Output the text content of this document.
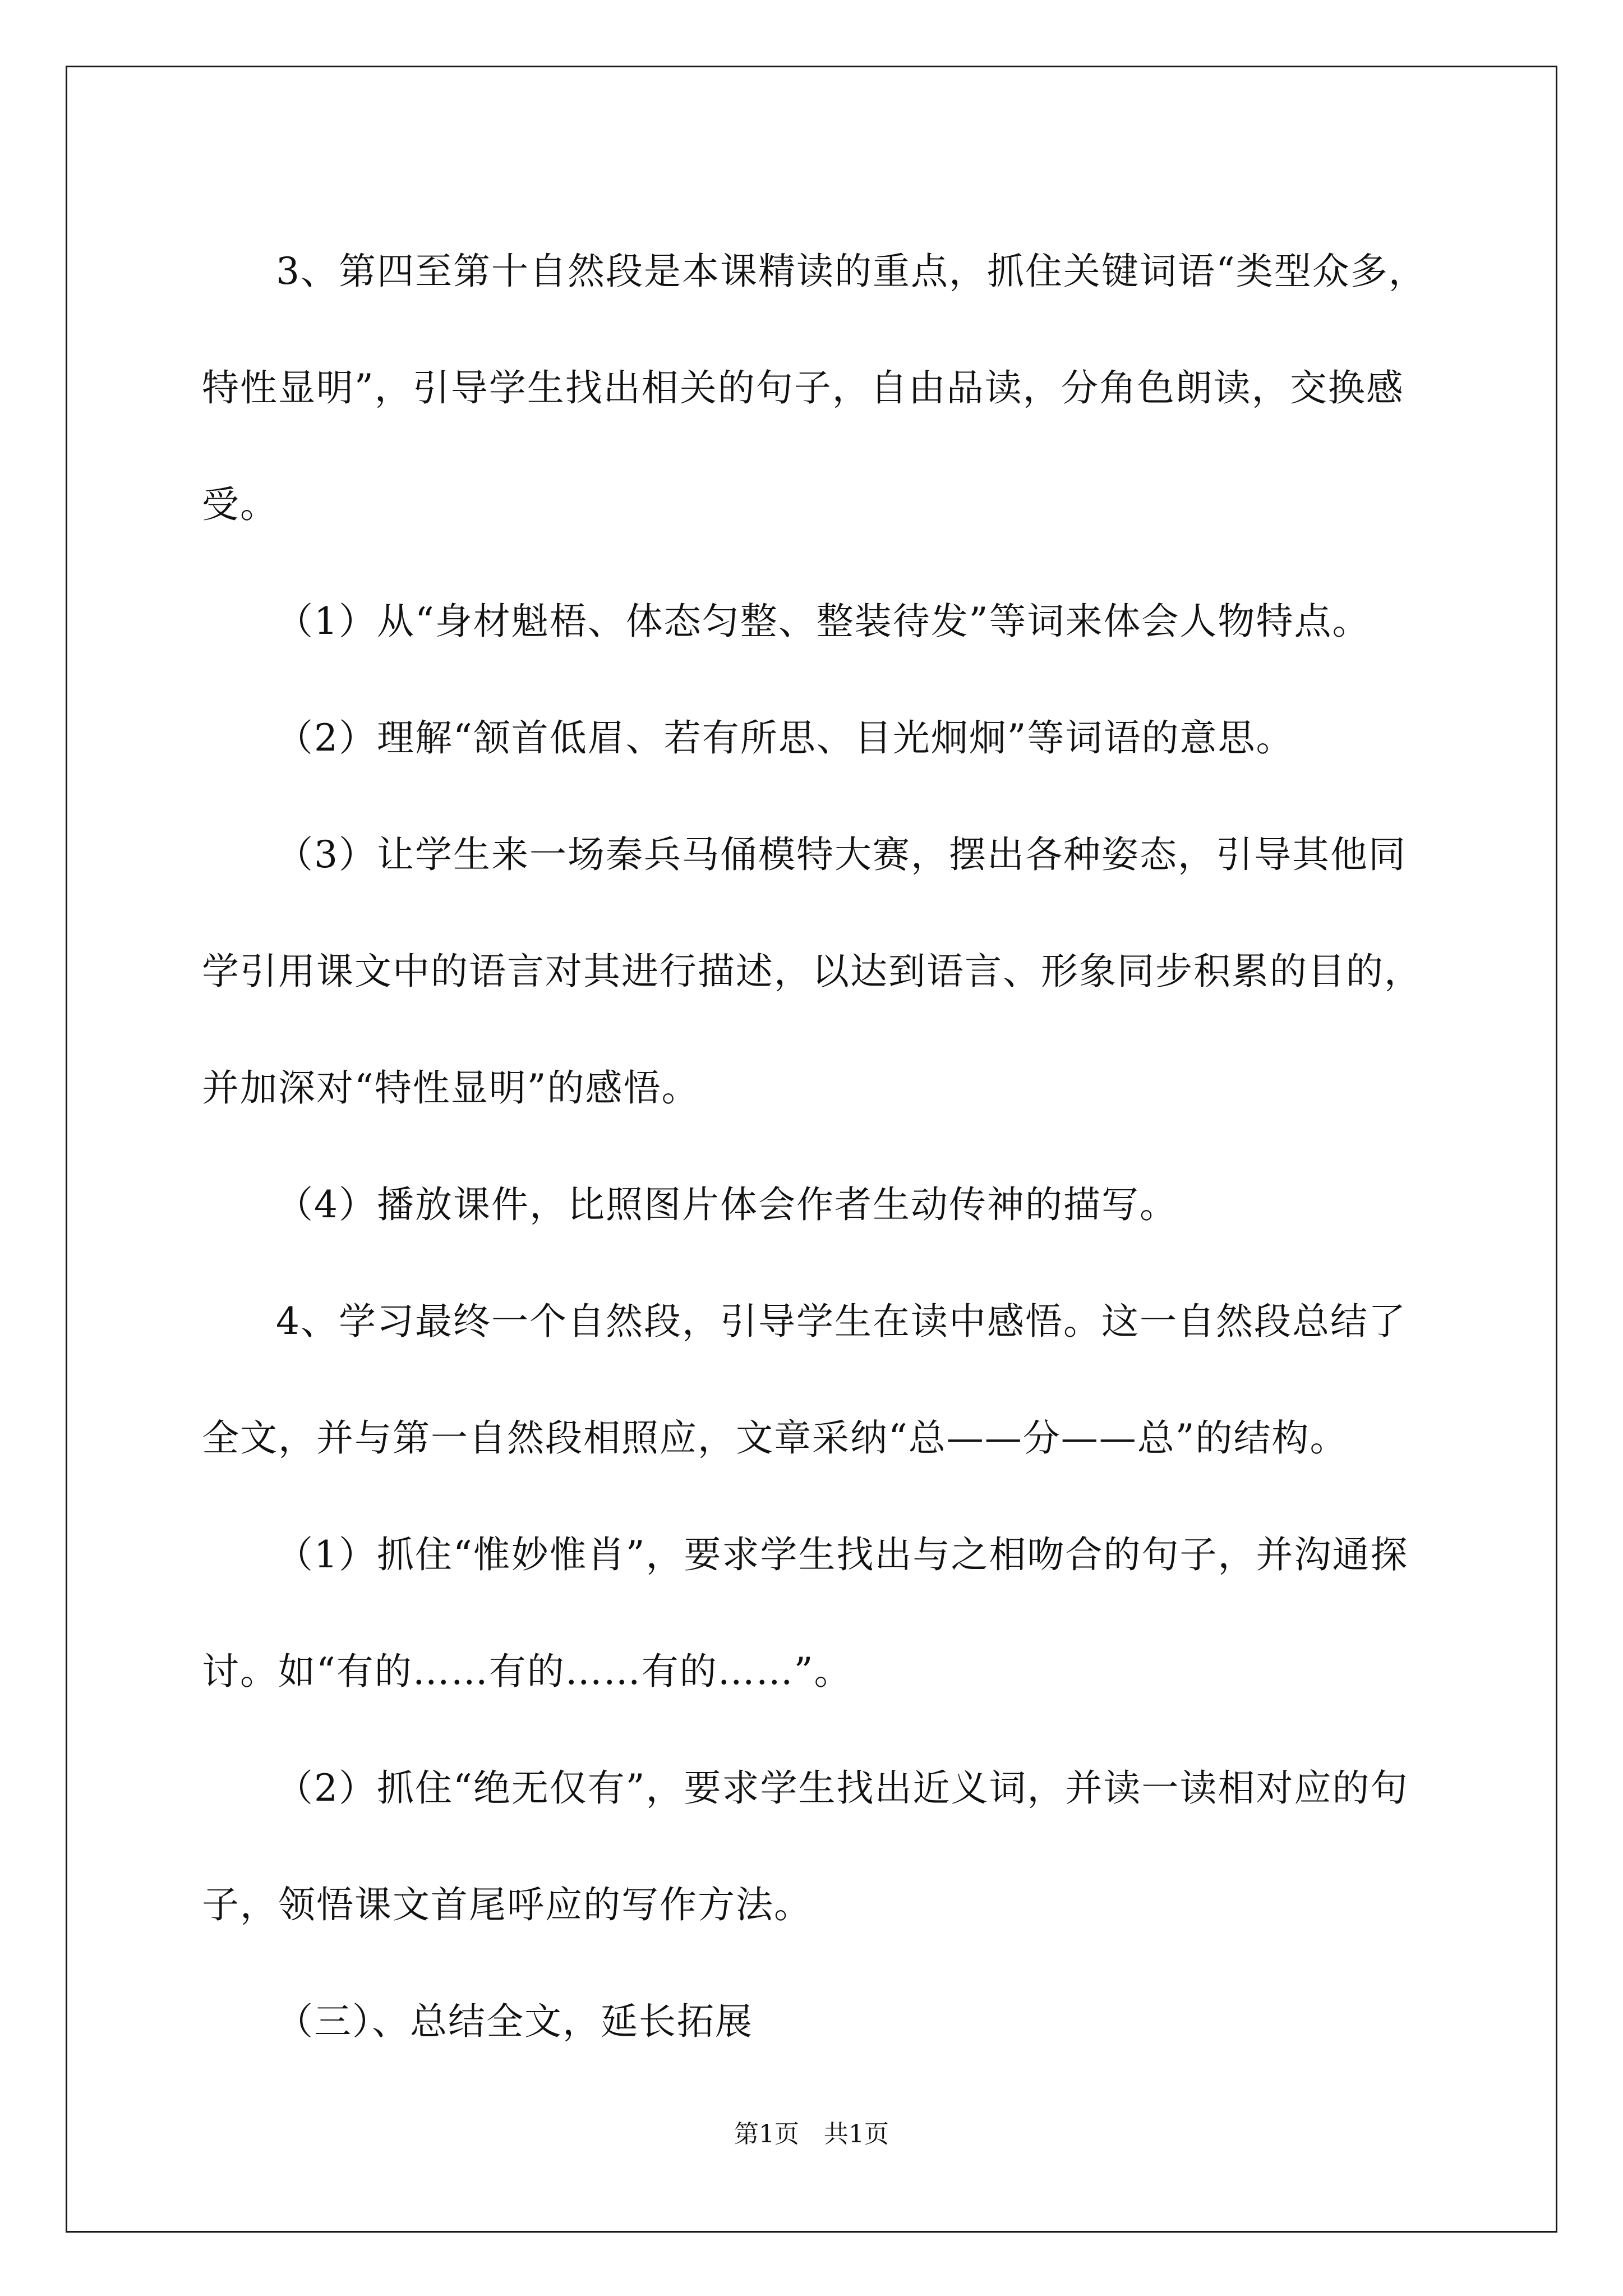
3、第四至第十自然段是本课精读的重点，抓住关键词语“类型众多，特性显明”，引导学生找出相关的句子，自由品读，分角色朗读，交换感受。

（1）从“身材魁梧、体态匀整、整装待发”等词来体会人物特点。

（2）理解“颔首低眉、若有所思、目光炯炯”等词语的意思。

（3）让学生来一场秦兵马俑模特大赛，摆出各种姿态，引导其他同学引用课文中的语言对其进行描述，以达到语言、形象同步积累的目的，并加深对“特性显明”的感悟。

（4）播放课件，比照图片体会作者生动传神的描写。

4、学习最终一个自然段，引导学生在读中感悟。这一自然段总结了全文，并与第一自然段相照应，文章采纳“总——分——总”的结构。

（1）抓住“惟妙惟肖”，要求学生找出与之相吻合的句子，并沟通探讨。如“有的……有的……有的……”。

（2）抓住“绝无仅有”，要求学生找出近义词，并读一读相对应的句子，领悟课文首尾呼应的写作方法。

（三）、总结全文，延长拓展

第1页　共1页
